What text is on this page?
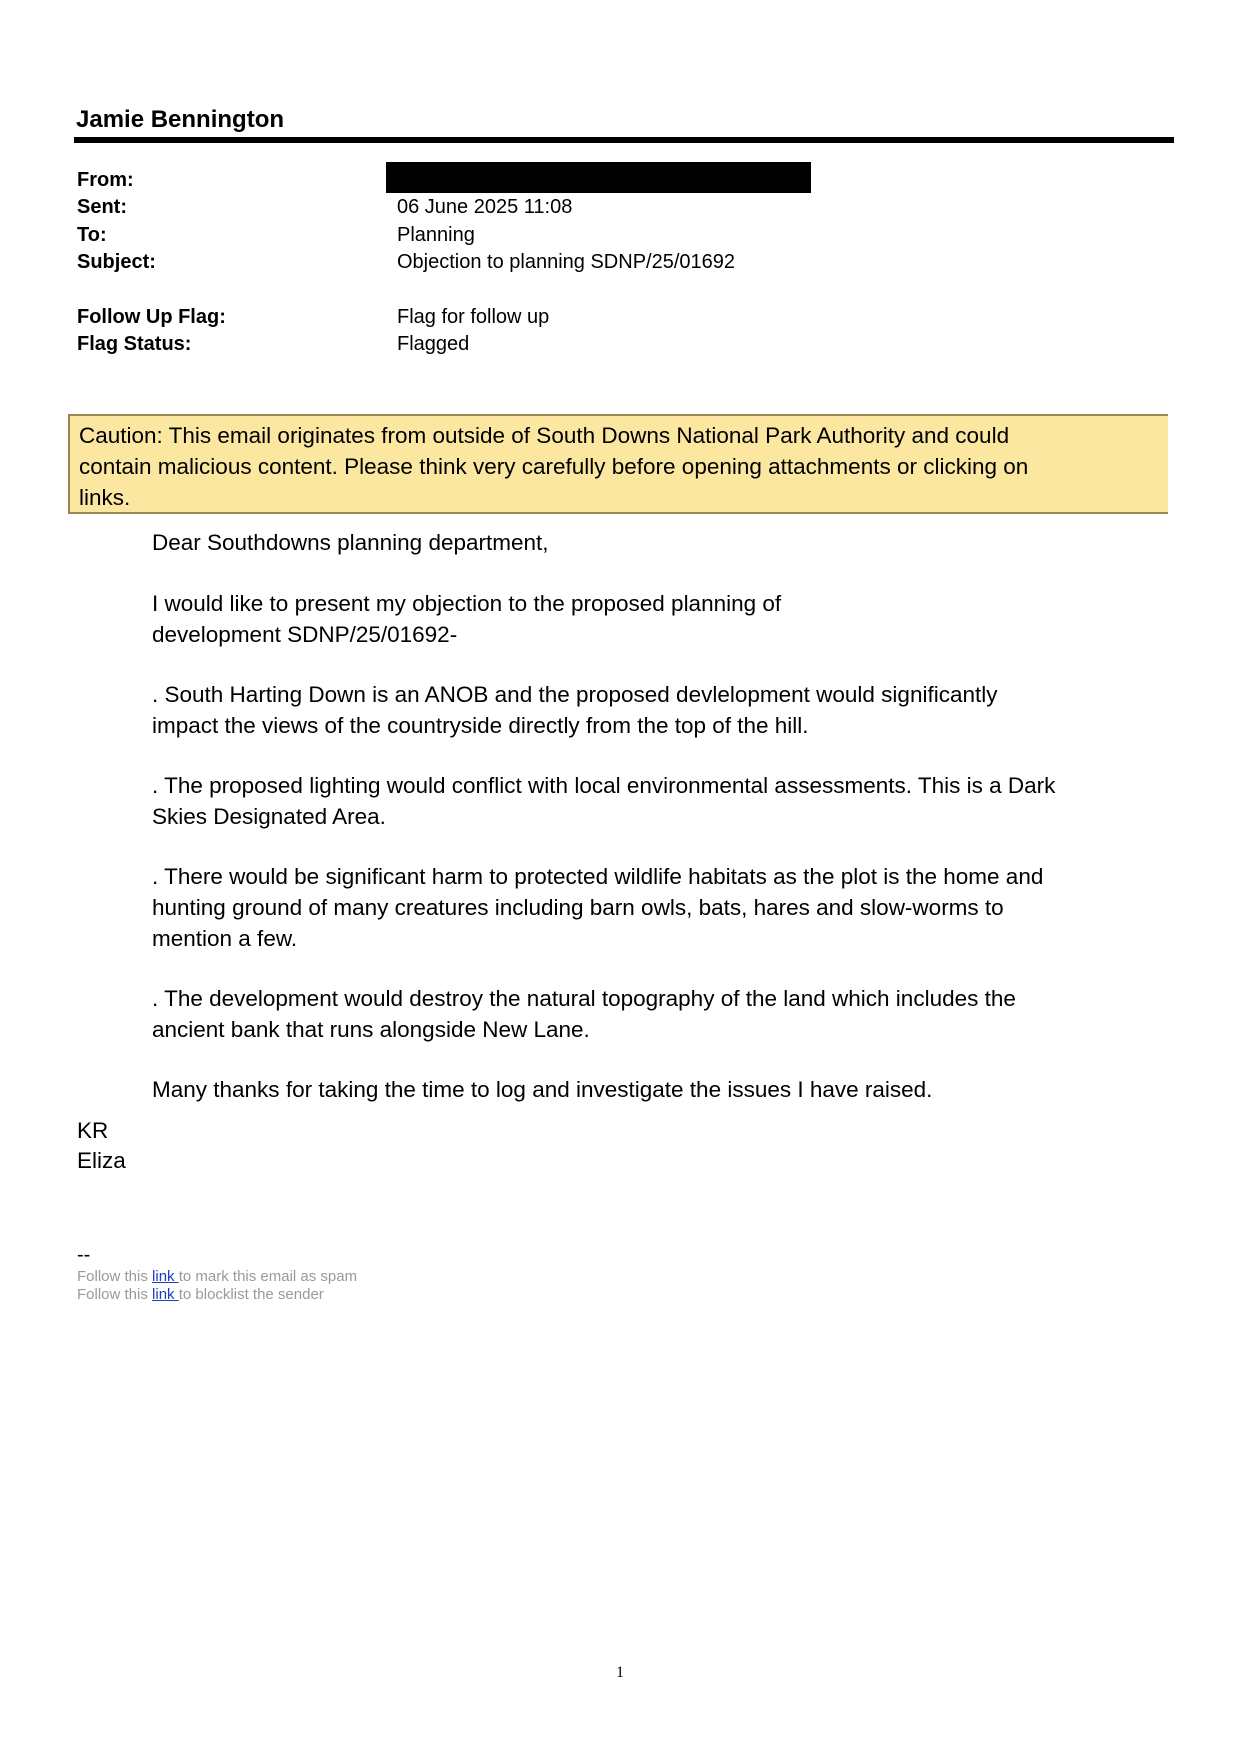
Jamie Bennington
From:
Sent:	06 June 2025 11:08
To:	Planning
Subject:	Objection to planning SDNP/25/01692
Follow Up Flag:	Flag for follow up
Flag Status:	Flagged
Caution: This email originates from outside of South Downs National Park Authority and could
contain malicious content. Please think very carefully before opening attachments or clicking on
links.
Dear Southdowns planning department,
I would like to present my objection to the proposed planning of
development SDNP/25/01692-
. South Harting Down is an ANOB and the proposed devlelopment would significantly
impact the views of the countryside directly from the top of the hill.
. The proposed lighting would conflict with local environmental assessments. This is a Dark
Skies Designated Area.
. There would be significant harm to protected wildlife habitats as the plot is the home and
hunting ground of many creatures including barn owls, bats, hares and slow-worms to
mention a few.
. The development would destroy the natural topography of the land which includes the
ancient bank that runs alongside New Lane.
Many thanks for taking the time to log and investigate the issues I have raised.
KR
Eliza
--
Follow this link to mark this email as spam
Follow this link to blocklist the sender
1
